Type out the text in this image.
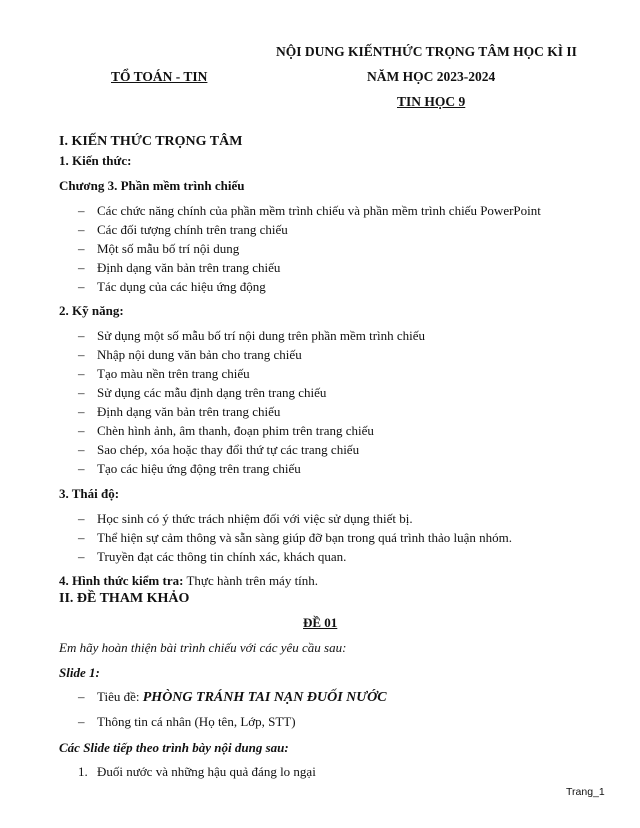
NỘI DUNG KIẾNTHỨC TRỌNG TÂM HỌC KÌ II
TỔ TOÁN - TIN	NĂM HỌC 2023-2024
TIN HỌC 9
I. KIẾN THỨC TRỌNG TÂM
1. Kiến thức:
Chương 3. Phần mềm trình chiếu
– Các chức năng chính của phần mềm trình chiếu và phần mềm trình chiếu PowerPoint
– Các đối tượng chính trên trang chiếu
– Một số mẫu bố trí nội dung
– Định dạng văn bản trên trang chiếu
– Tác dụng của các hiệu ứng động
2. Kỹ năng:
– Sử dụng một số mẫu bố trí nội dung trên phần mềm trình chiếu
– Nhập nội dung văn bản cho trang chiếu
– Tạo màu nền trên trang chiếu
– Sử dụng các mẫu định dạng trên trang chiếu
– Định dạng văn bản trên trang chiếu
– Chèn hình ảnh, âm thanh, đoạn phim trên trang chiếu
– Sao chép, xóa hoặc thay đổi thứ tự các trang chiếu
– Tạo các hiệu ứng động trên trang chiếu
3. Thái độ:
– Học sinh có ý thức trách nhiệm đối với việc sử dụng thiết bị.
– Thể hiện sự cảm thông và sẵn sàng giúp đỡ bạn trong quá trình thảo luận nhóm.
– Truyền đạt các thông tin chính xác, khách quan.
4. Hình thức kiểm tra: Thực hành trên máy tính.
II. ĐỀ THAM KHẢO
ĐỀ 01
Em hãy hoàn thiện bài trình chiếu với các yêu cầu sau:
Slide 1:
– Tiêu đề: PHÒNG TRÁNH TAI NẠN ĐUỐI NƯỚC
– Thông tin cá nhân (Họ tên, Lớp, STT)
Các Slide tiếp theo trình bày nội dung sau:
1. Đuối nước và những hậu quả đáng lo ngại
Trang_1
